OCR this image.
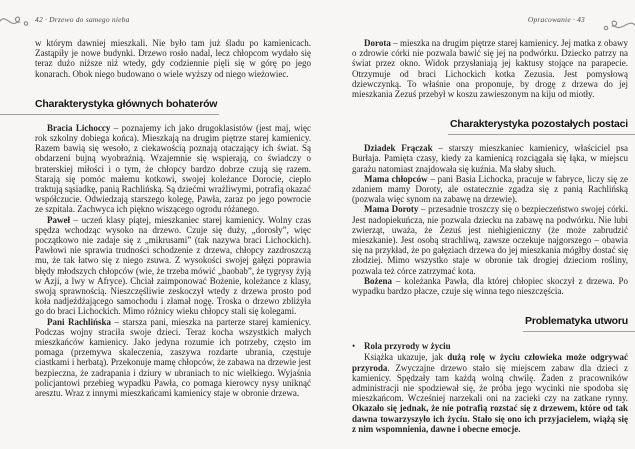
42 · Drzewo do samego nieba

w którym dawniej mieszkali. Nie było tam już śladu po kamienicach. Zastąpiły je nowe budynki. Drzewo rosło nadal, lecz chłopcom wydało się teraz dużo niższe niż wtedy, gdy codziennie pięli się w górę po jego konarach. Obok niego budowano o wiele wyższy od niego wieżowiec.

Charakterystyka głównych bohaterów

Bracia Lichoccy – poznajemy ich jako drugoklasistów (jest maj, więc rok szkolny dobiega końca). Mieszkają na drugim piętrze starej kamienicy. Razem bawią się wesoło, z ciekawością poznają otaczający ich świat. Są obdarzeni bujną wyobraźnią. Wzajemnie się wspierają, co świadczy o braterskiej miłości i o tym, że chłopcy bardzo dobrze czują się razem. Starają się pomóc małemu kotkowi, swojej koleżance Dorocie, ciepło traktują sąsiadkę, panią Rachlińską. Są dziećmi wrażliwymi, potrafią okazać współczucie. Odwiedzają starszego kolegę, Pawła, zaraz po jego powrocie ze szpitala. Zachwyca ich piękno wiszącego ogrodu różanego.

Paweł – uczeń klasy piątej, mieszkaniec starej kamienicy. Wolny czas spędza wchodząc wysoko na drzewo. Czuje się duży, „dorosły”, więc początkowo nie zadaje się z „mikrusami” (tak nazywa braci Lichockich). Pawłowi nie sprawia trudności schodzenie z drzewa, chłopcy zazdroszczą mu, że tak łatwo się z niego zsuwa. Z wysokości swojej gałęzi poprawia błędy młodszych chłopców (wie, że trzeba mówić „baobab”, że tygrysy żyją w Azji, a lwy w Afryce). Chciał zaimponować Bożenie, koleżance z klasy, swoją sprawnością. Nieszczęśliwie zeskoczył wtedy z drzewa prosto pod koła nadjeżdżającego samochodu i złamał nogę. Troska o drzewo zbliżyła go do braci Lichockich. Mimo różnicy wieku chłopcy stali się kolegami.

Pani Rachlińska – starsza pani, mieszka na parterze starej kamienicy. Podczas wojny straciła swoje dzieci. Teraz kocha wszystkich małych mieszkańców kamienicy. Jako jedyna rozumie ich potrzeby, często im pomaga (przemywa skaleczenia, zaszywa rozdarte ubrania, częstuje ciastkami i herbatą). Przekonuje mamę chłopców, że zabawa na drzewie jest bezpieczna, że zadrapania i dziury w ubraniach to nic wielkiego. Wyjaśnia policjantowi przebieg wypadku Pawła, co pomaga kierowcy nysy uniknąć aresztu. Wraz z innymi mieszkańcami kamienicy staje w obronie drzewa.

Opracowanie · 43

Dorota – mieszka na drugim piętrze starej kamienicy. Jej matka z obawy o zdrowie córki nie pozwala bawić się jej na podwórku. Dziecko patrzy na świat przez okno. Widok przysłaniają jej kaktusy stojące na parapecie. Otrzymuje od braci Lichockich kotka Zezusia. Jest pomysłową dziewczynką. To właśnie ona proponuje, by drogę z drzewa do jej mieszkania Zezuś przebył w koszu zawieszonym na kiju od miotły.

Charakterystyka pozostałych postaci

Dziadek Frączak – starszy mieszkaniec kamienicy, właściciel psa Burłaja. Pamięta czasy, kiedy za kamienicą rozciągała się łąka, w miejscu garażu natomiast znajdowała się kuźnia. Ma słaby słuch.

Mama chłopców – pani Basia Lichocka, pracuje w fabryce, liczy się ze zdaniem mamy Doroty, ale ostatecznie zgadza się z panią Rachlińską (pozwala więc synom na zabawę na drzewie).

Mama Doroty – przesadnie troszczy się o bezpieczeństwo swojej córki. Jest nadopiekuńcza, nie pozwala dziecku na zabawę na podwórku. Nie lubi zwierząt, uważa, że Zezuś jest niehigieniczny (że może zabrudzić mieszkanie). Jest osobą strachliwą, zawsze oczekuje najgorszego – obawia się na przykład, że po gałęziach drzewa do jej mieszkania mógłby dostać się złodziej. Mimo wszystko staje w obronie tak drogiej dzieciom rośliny, pozwala też córce zatrzymać kota.

Bożena – koleżanka Pawła, dla której chłopiec skoczył z drzewa. Po wypadku bardzo płacze, czuje się winna tego nieszczęścia.

Problematyka utworu
• Rola przyrody w życiu

Książka ukazuje, jak dużą rolę w życiu człowieka może odgrywać przyroda. Zwyczajne drzewo stało się miejscem zabaw dla dzieci z kamienicy. Spędzały tam każdą wolną chwilę. Żaden z pracowników administracji nie spodziewał się, że próba jego wycinki nie spodoba się mieszkańcom. Wcześniej narzekali oni na zacieki czy na zatkane rynny. Okazało się jednak, że nie potrafią rozstać się z drzewem, które od tak dawna towarzyszyło ich życiu. Stało się ono ich przyjacielem, wiążą się z nim wspomnienia, dawne i obecne emocje.
